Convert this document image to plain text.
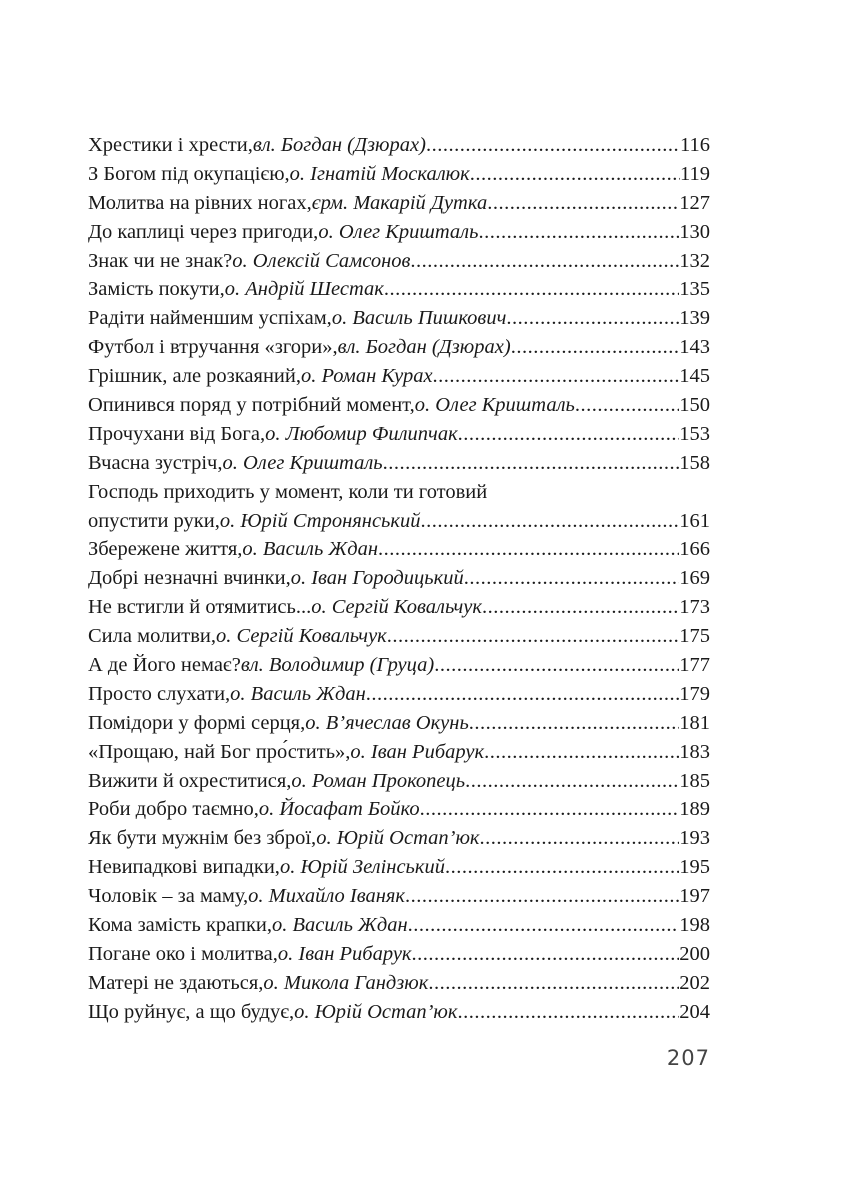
Хрестики і хрести, вл. Богдан (Дзюрах) .....	116
З Богом під окупацією, о. Ігнатій Москалюк .....	119
Молитва на рівних ногах, єрм. Макарій Дутка .....	127
До каплиці через пригоди, о. Олег Кришталь .....	130
Знак чи не знак? о. Олексій Самсонов .....	132
Замість покути, о. Андрій Шестак .....	135
Радіти найменшим успіхам, о. Василь Пишкович .....	139
Футбол і втручання «згори», вл. Богдан (Дзюрах) .....	143
Грішник, але розкаяний, о. Роман Курах .....	145
Опинився поряд у потрібний момент, о. Олег Кришталь .....	150
Прочухани від Бога, о. Любомир Филипчак .....	153
Вчасна зустріч, о. Олег Кришталь .....	158
Господь приходить у момент, коли ти готовий
опустити руки, о. Юрій Стронянський .....	161
Збережене життя, о. Василь Ждан .....	166
Добрі незначні вчинки, о. Іван Городицький .....	169
Не встигли й отямитись... о. Сергій Ковальчук .....	173
Сила молитви, о. Сергій Ковальчук .....	175
А де Його немає? вл. Володимир (Груца) .....	177
Просто слухати, о. Василь Ждан .....	179
Помідори у формі серця, о. В’ячеслав Окунь .....	181
«Прощаю, най Бог про́стить», о. Іван Рибарук .....	183
Вижити й охреститися, о. Роман Прокопець .....	185
Роби добро таємно, о. Йосафат Бойко .....	189
Як бути мужнім без зброї, о. Юрій Остап’юк .....	193
Невипадкові випадки, о. Юрій Зелінський .....	195
Чоловік – за маму, о. Михайло Іваняк .....	197
Кома замість крапки, о. Василь Ждан .....	198
Погане око і молитва, о. Іван Рибарук .....	200
Матері не здаються, о. Микола Гандзюк .....	202
Що руйнує, а що будує, о. Юрій Остап’юк .....	204
207
